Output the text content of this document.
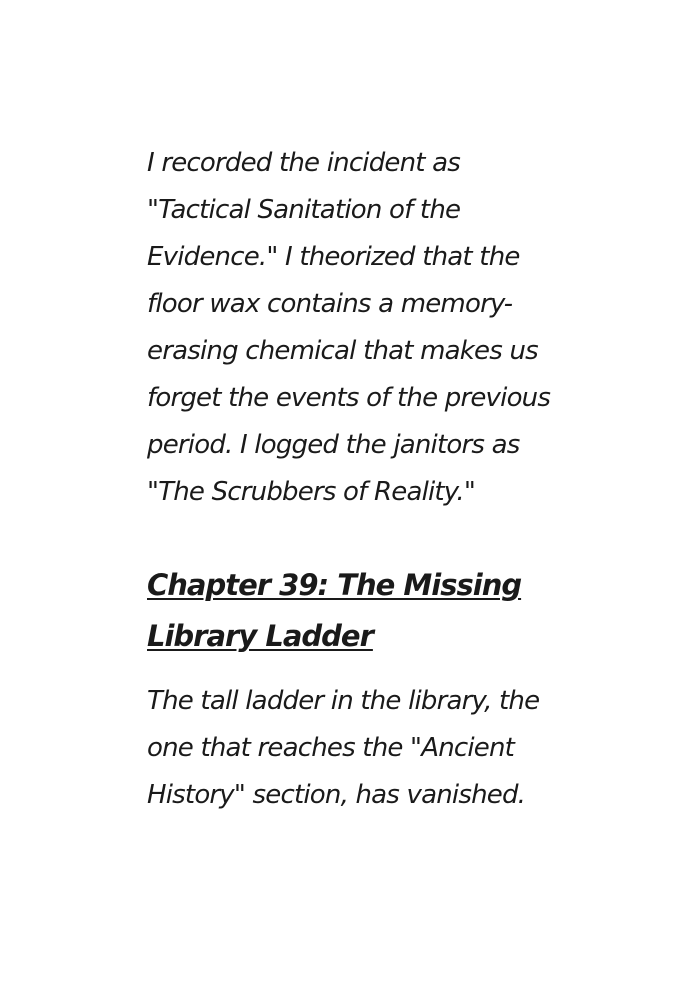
I recorded the incident as "Tactical Sanitation of the Evidence." I theorized that the floor wax contains a memory-erasing chemical that makes us forget the events of the previous period. I logged the janitors as "The Scrubbers of Reality."

Chapter 39: The Missing Library Ladder

The tall ladder in the library, the one that reaches the "Ancient History" section, has vanished.
